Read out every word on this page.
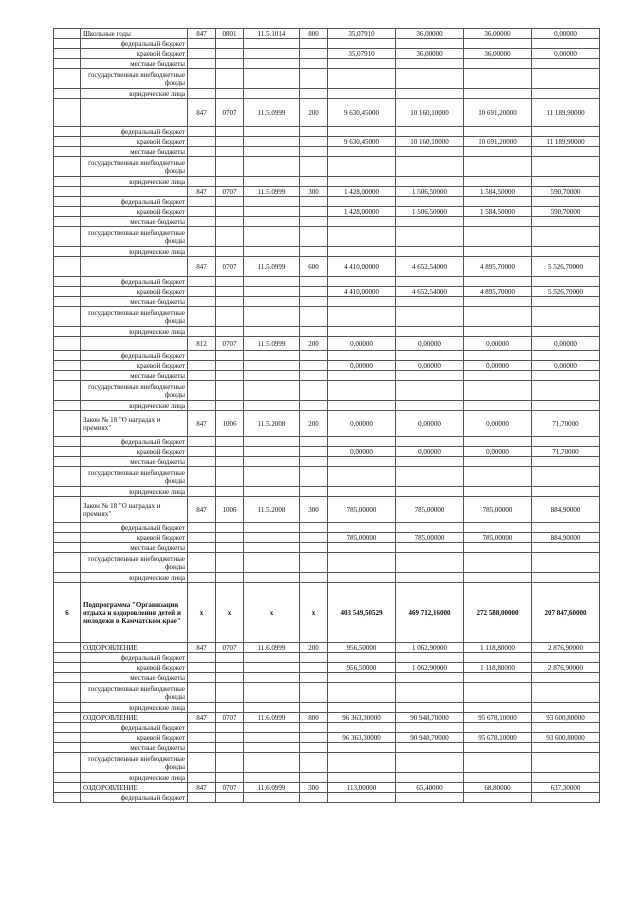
	Школьные годы	847	0801	11.5.1014	800	35,07910	36,00000	36,00000	0,00000
	федеральный бюджет								
	краевой бюджет					35,07910	36,00000	36,00000	0,00000
	местные бюджеты								
	государственные внебюджетные фонды								
	юридические лица								
		847	0707	11.5.0999	200	9 630,45000	10 160,10000	10 691,20000	11 189,90000
	федеральный бюджет								
	краевой бюджет					9 630,45000	10 160,10000	10 691,20000	11 189,90000
	местные бюджеты								
	государственные внебюджетные фонды								
	юридические лица								
		847	0707	11.5.0999	300	1 428,00000	1 506,50000	1 584,50000	590,70000
	федеральный бюджет								
	краевой бюджет					1 428,00000	1 506,50000	1 584,50000	590,70000
	местные бюджеты								
	государственные внебюджетные фонды								
	юридические лица								
		847	0707	11.5.0999	600	4 410,00000	4 652,54000	4 895,70000	5 526,70000
	федеральный бюджет								
	краевой бюджет					4 410,00000	4 652,54000	4 895,70000	5 526,70000
	местные бюджеты								
	государственные внебюджетные фонды								
	юридические лица								
		812	0707	11.5.0999	200	0,00000	0,00000	0,00000	0,00000
	федеральный бюджет								
	краевой бюджет					0,00000	0,00000	0,00000	0,00000
	местные бюджеты								
	государственные внебюджетные фонды								
	юридические лица								
	Закон № 18 "О наградах и премиях"	847	1006	11.5.2008	200	0,00000	0,00000	0,00000	71,70000
	федеральный бюджет								
	краевой бюджет					0,00000	0,00000	0,00000	71,70000
	местные бюджеты								
	государственные внебюджетные фонды								
	юридические лица								
	Закон № 18 "О наградах и премиях"	847	1006	11.5.2008	300	785,00000	785,00000	785,00000	884,90000
	федеральный бюджет								
	краевой бюджет					785,00000	785,00000	785,00000	884,90000
	местные бюджеты								
	государственные внебюджетные фонды								
	юридические лица								
6	Подпрограмма "Организация отдыха и оздоровления детей и молодежи в Камчатском крае"	х	х	х	х	403 549,50529	469 712,16000	272 588,00000	207 847,60000
	ОЗДОРОВЛЕНИЕ	847	0707	11.6.0999	200	956,50000	1 062,90000	1 118,80000	2 876,90000
	федеральный бюджет								
	краевой бюджет					956,50000	1 062,90000	1 118,80000	2 876,90000
	местные бюджеты								
	государственные внебюджетные фонды								
	юридические лица								
	ОЗДОРОВЛЕНИЕ	847	0707	11.6.0999	800	96 363,30000	90 948,70000	95 678,10000	93 600,80000
	федеральный бюджет								
	краевой бюджет					96 363,30000	90 948,70000	95 678,10000	93 600,80000
	местные бюджеты								
	государственные внебюджетные фонды								
	юридические лица								
	ОЗДОРОВЛЕНИЕ	847	0707	11.6.0999	300	113,00000	65,40000	68,80000	637,30000
	федеральный бюджет								
